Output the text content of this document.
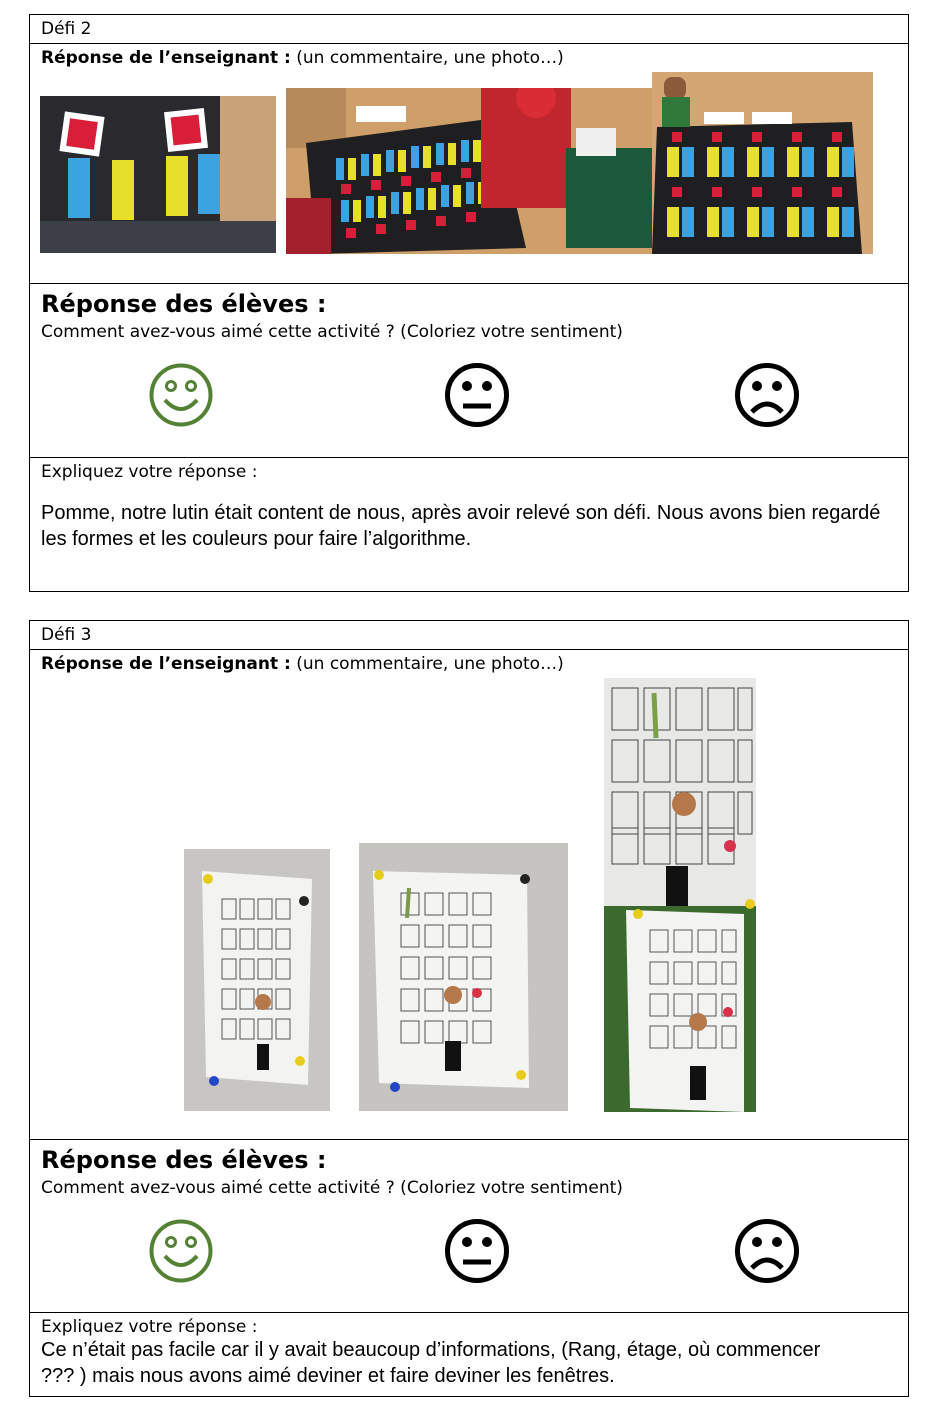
Défi 2
Réponse de l’enseignant : (un commentaire, une photo…)
Réponse des élèves :
Comment avez-vous aimé cette activité ? (Coloriez votre sentiment)
Expliquez votre réponse :
Pomme, notre lutin était content de nous, après avoir relevé son défi. Nous avons bien regardé les formes et les couleurs pour faire l’algorithme.
Défi 3
Réponse de l’enseignant : (un commentaire, une photo…)
Réponse des élèves :
Comment avez-vous aimé cette activité ? (Coloriez votre sentiment)
Expliquez votre réponse :
Ce n’était pas facile car il y avait beaucoup d’informations, (Rang, étage, où commencer ??? ) mais nous avons aimé deviner et faire deviner les fenêtres.
